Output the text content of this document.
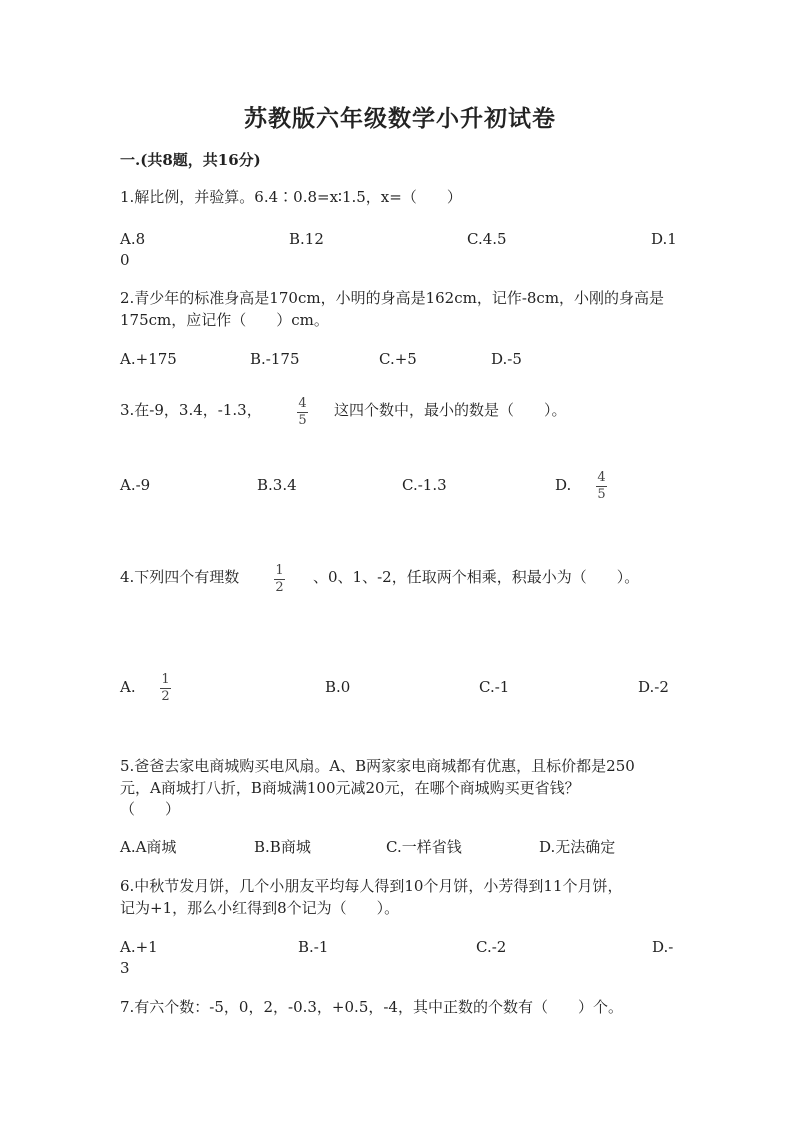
苏教版六年级数学小升初试卷
一.(共8题，共16分)
1.解比例，并验算。6.4∶0.8=x∶1.5，x=（　　）
A.8	B.12	C.4.5	D.1
0
2.青少年的标准身高是170cm，小明的身高是162cm，记作-8cm，小刚的身高是
175cm，应记作（　　）cm。
A.+175	B.-175	C.+5	D.-5
3.在-9，3.4，-1.3，	4
5
这四个数中，最小的数是（　　）。
A.-9	B.3.4	C.-1.3	D. 4
5
4.下列四个有理数	1
2
、0、1、-2，任取两个相乘，积最小为（　　）。
A. 1
2
B.0	C.-1	D.-2
5.爸爸去家电商城购买电风扇。A、B两家家电商城都有优惠，且标价都是250
元，A商城打八折，B商城满100元减20元，在哪个商城购买更省钱？
（　　）
A.A商城	B.B商城	C.一样省钱	D.无法确定
6.中秋节发月饼，几个小朋友平均每人得到10个月饼，小芳得到11个月饼，
记为+1，那么小红得到8个记为（　　）。
A.+1	B.-1	C.-2	D.-
3
7.有六个数：-5，0，2，-0.3，+0.5，-4，其中正数的个数有（　　）个。
